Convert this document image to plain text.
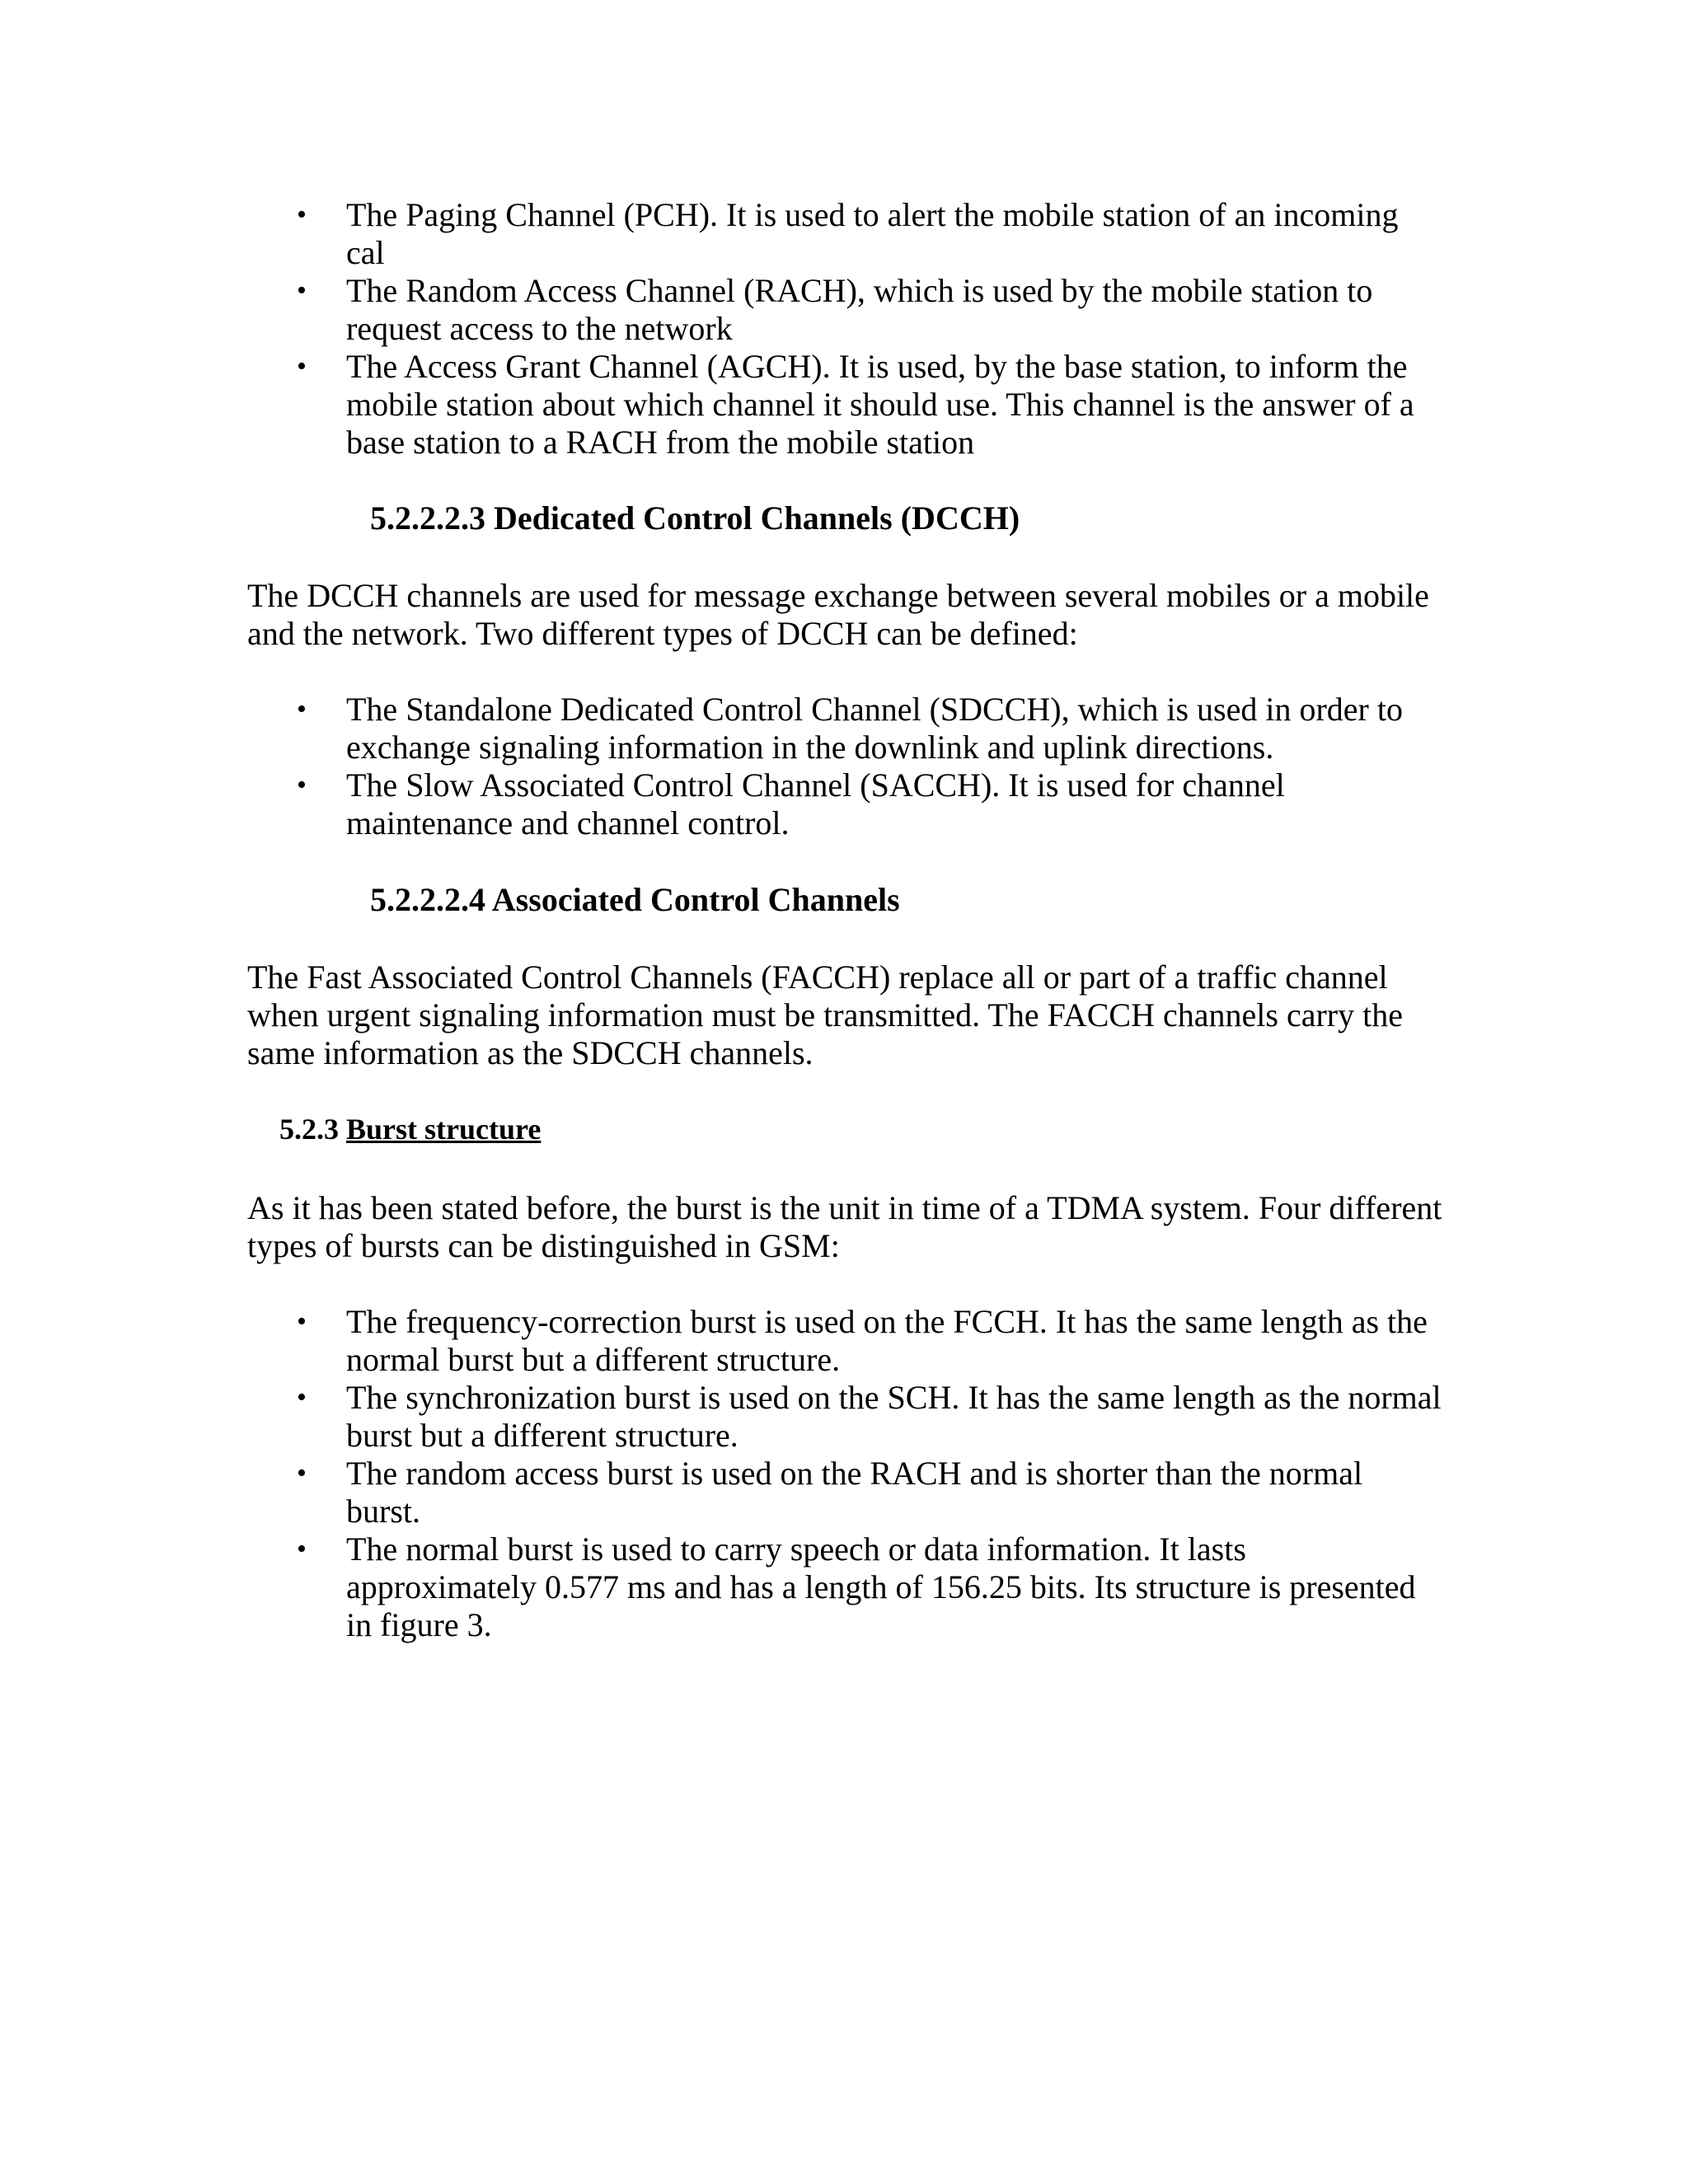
• The Paging Channel (PCH). It is used to alert the mobile station of an incoming cal
• The Random Access Channel (RACH), which is used by the mobile station to request access to the network
• The Access Grant Channel (AGCH). It is used, by the base station, to inform the mobile station about which channel it should use. This channel is the answer of a base station to a RACH from the mobile station
5.2.2.2.3 Dedicated Control Channels (DCCH)

The DCCH channels are used for message exchange between several mobiles or a mobile and the network. Two different types of DCCH can be defined:

• The Standalone Dedicated Control Channel (SDCCH), which is used in order to exchange signaling information in the downlink and uplink directions.
• The Slow Associated Control Channel (SACCH). It is used for channel maintenance and channel control.
5.2.2.2.4 Associated Control Channels

The Fast Associated Control Channels (FACCH) replace all or part of a traffic channel when urgent signaling information must be transmitted. The FACCH channels carry the same information as the SDCCH channels.

5.2.3 Burst structure

As it has been stated before, the burst is the unit in time of a TDMA system. Four different types of bursts can be distinguished in GSM:

• The frequency-correction burst is used on the FCCH. It has the same length as the normal burst but a different structure.
• The synchronization burst is used on the SCH. It has the same length as the normal burst but a different structure.
• The random access burst is used on the RACH and is shorter than the normal burst.
• The normal burst is used to carry speech or data information. It lasts approximately 0.577 ms and has a length of 156.25 bits. Its structure is presented in figure 3.
